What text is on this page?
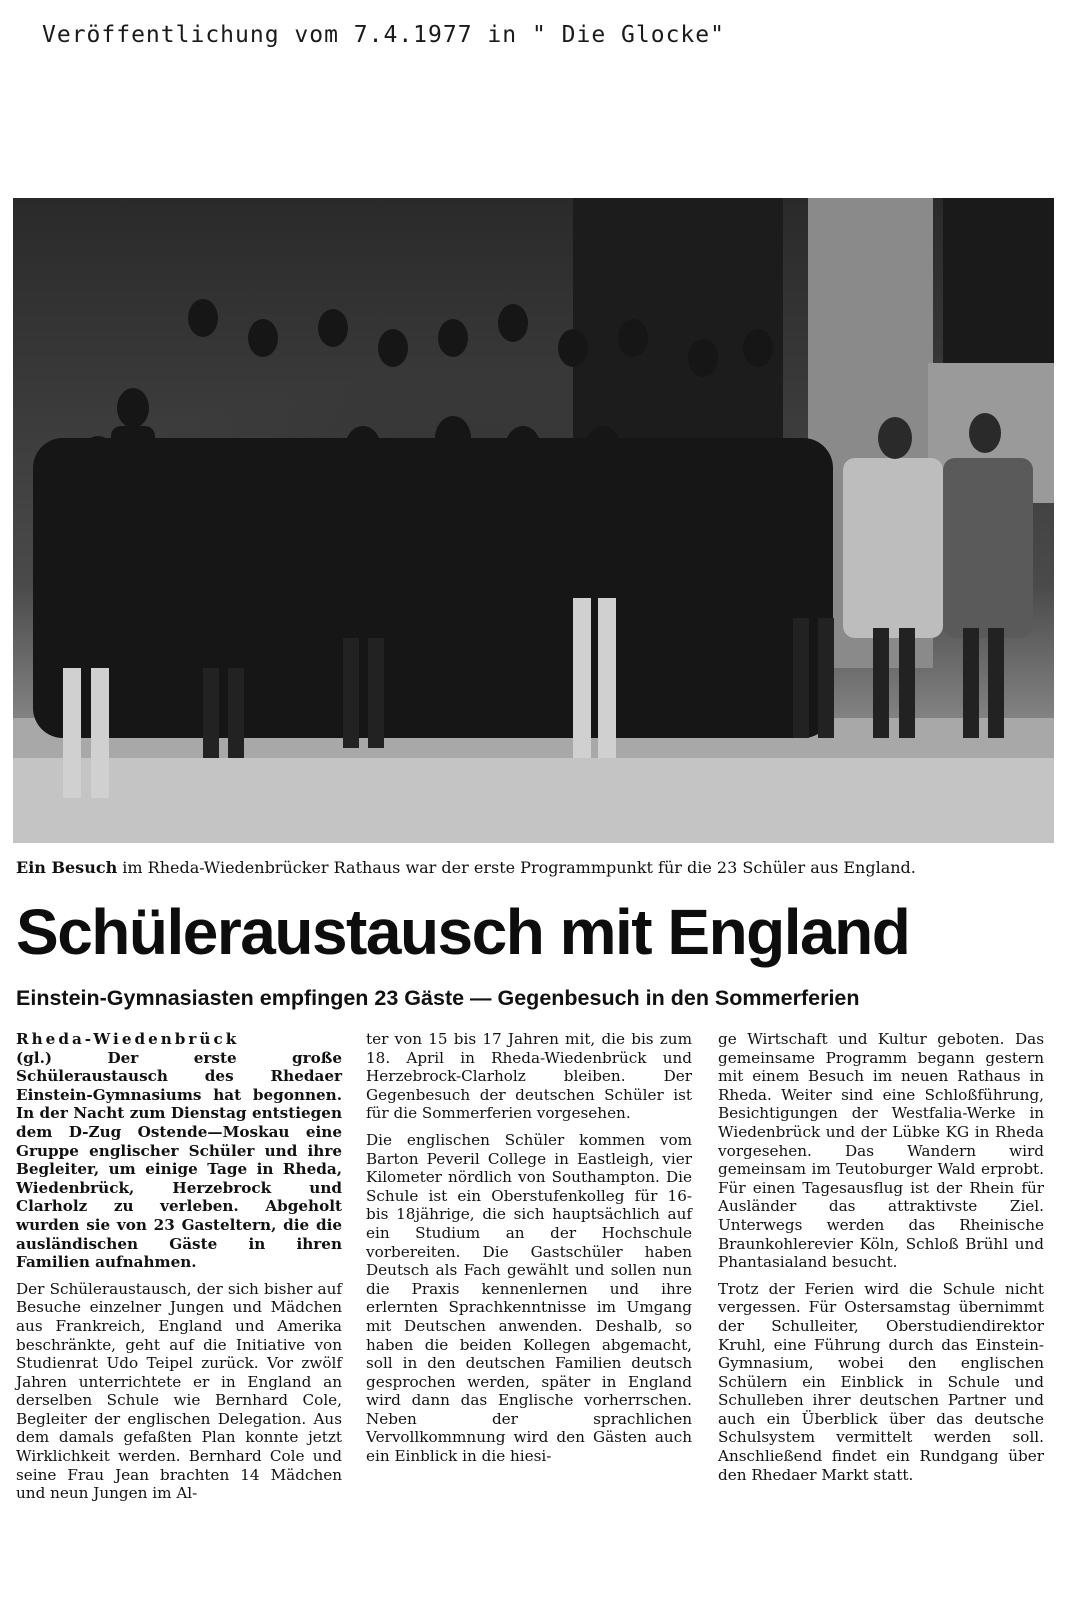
Veröffentlichung vom 7.4.1977 in " Die Glocke"
Ein Besuch im Rheda-Wiedenbrücker Rathaus war der erste Programmpunkt für die 23 Schüler aus England.
Schüleraustausch mit England
Einstein-Gymnasiasten empfingen 23 Gäste — Gegenbesuch in den Sommerferien

Rheda-Wiedenbrück

(gl.) Der erste große Schüleraustausch des Rhedaer Einstein-Gymnasiums hat begonnen. In der Nacht zum Dienstag entstiegen dem D-Zug Ostende—Moskau eine Gruppe englischer Schüler und ihre Begleiter, um einige Tage in Rheda, Wiedenbrück, Herzebrock und Clarholz zu verleben. Abgeholt wurden sie von 23 Gasteltern, die die ausländischen Gäste in ihren Familien aufnahmen.

Der Schüleraustausch, der sich bisher auf Besuche einzelner Jungen und Mädchen aus Frankreich, England und Amerika beschränkte, geht auf die Initiative von Studienrat Udo Teipel zurück. Vor zwölf Jahren unterrichtete er in England an derselben Schule wie Bernhard Cole, Begleiter der englischen Delegation. Aus dem damals gefaßten Plan konnte jetzt Wirklichkeit werden. Bernhard Cole und seine Frau Jean brachten 14 Mädchen und neun Jungen im Al-

ter von 15 bis 17 Jahren mit, die bis zum 18. April in Rheda-Wiedenbrück und Herzebrock-Clarholz bleiben. Der Gegenbesuch der deutschen Schüler ist für die Sommerferien vorgesehen.

Die englischen Schüler kommen vom Barton Peveril College in Eastleigh, vier Kilometer nördlich von Southampton. Die Schule ist ein Oberstufenkolleg für 16- bis 18jährige, die sich hauptsächlich auf ein Studium an der Hochschule vorbereiten. Die Gastschüler haben Deutsch als Fach gewählt und sollen nun die Praxis kennenlernen und ihre erlernten Sprachkenntnisse im Umgang mit Deutschen anwenden. Deshalb, so haben die beiden Kollegen abgemacht, soll in den deutschen Familien deutsch gesprochen werden, später in England wird dann das Englische vorherrschen. Neben der sprachlichen Vervollkommnung wird den Gästen auch ein Einblick in die hiesi-

ge Wirtschaft und Kultur geboten. Das gemeinsame Programm begann gestern mit einem Besuch im neuen Rathaus in Rheda. Weiter sind eine Schloßführung, Besichtigungen der Westfalia-Werke in Wiedenbrück und der Lübke KG in Rheda vorgesehen. Das Wandern wird gemeinsam im Teutoburger Wald erprobt. Für einen Tagesausflug ist der Rhein für Ausländer das attraktivste Ziel. Unterwegs werden das Rheinische Braunkohlerevier Köln, Schloß Brühl und Phantasialand besucht.

Trotz der Ferien wird die Schule nicht vergessen. Für Ostersamstag übernimmt der Schulleiter, Oberstudiendirektor Kruhl, eine Führung durch das Einstein-Gymnasium, wobei den englischen Schülern ein Einblick in Schule und Schulleben ihrer deutschen Partner und auch ein Überblick über das deutsche Schulsystem vermittelt werden soll. Anschließend findet ein Rundgang über den Rhedaer Markt statt.
